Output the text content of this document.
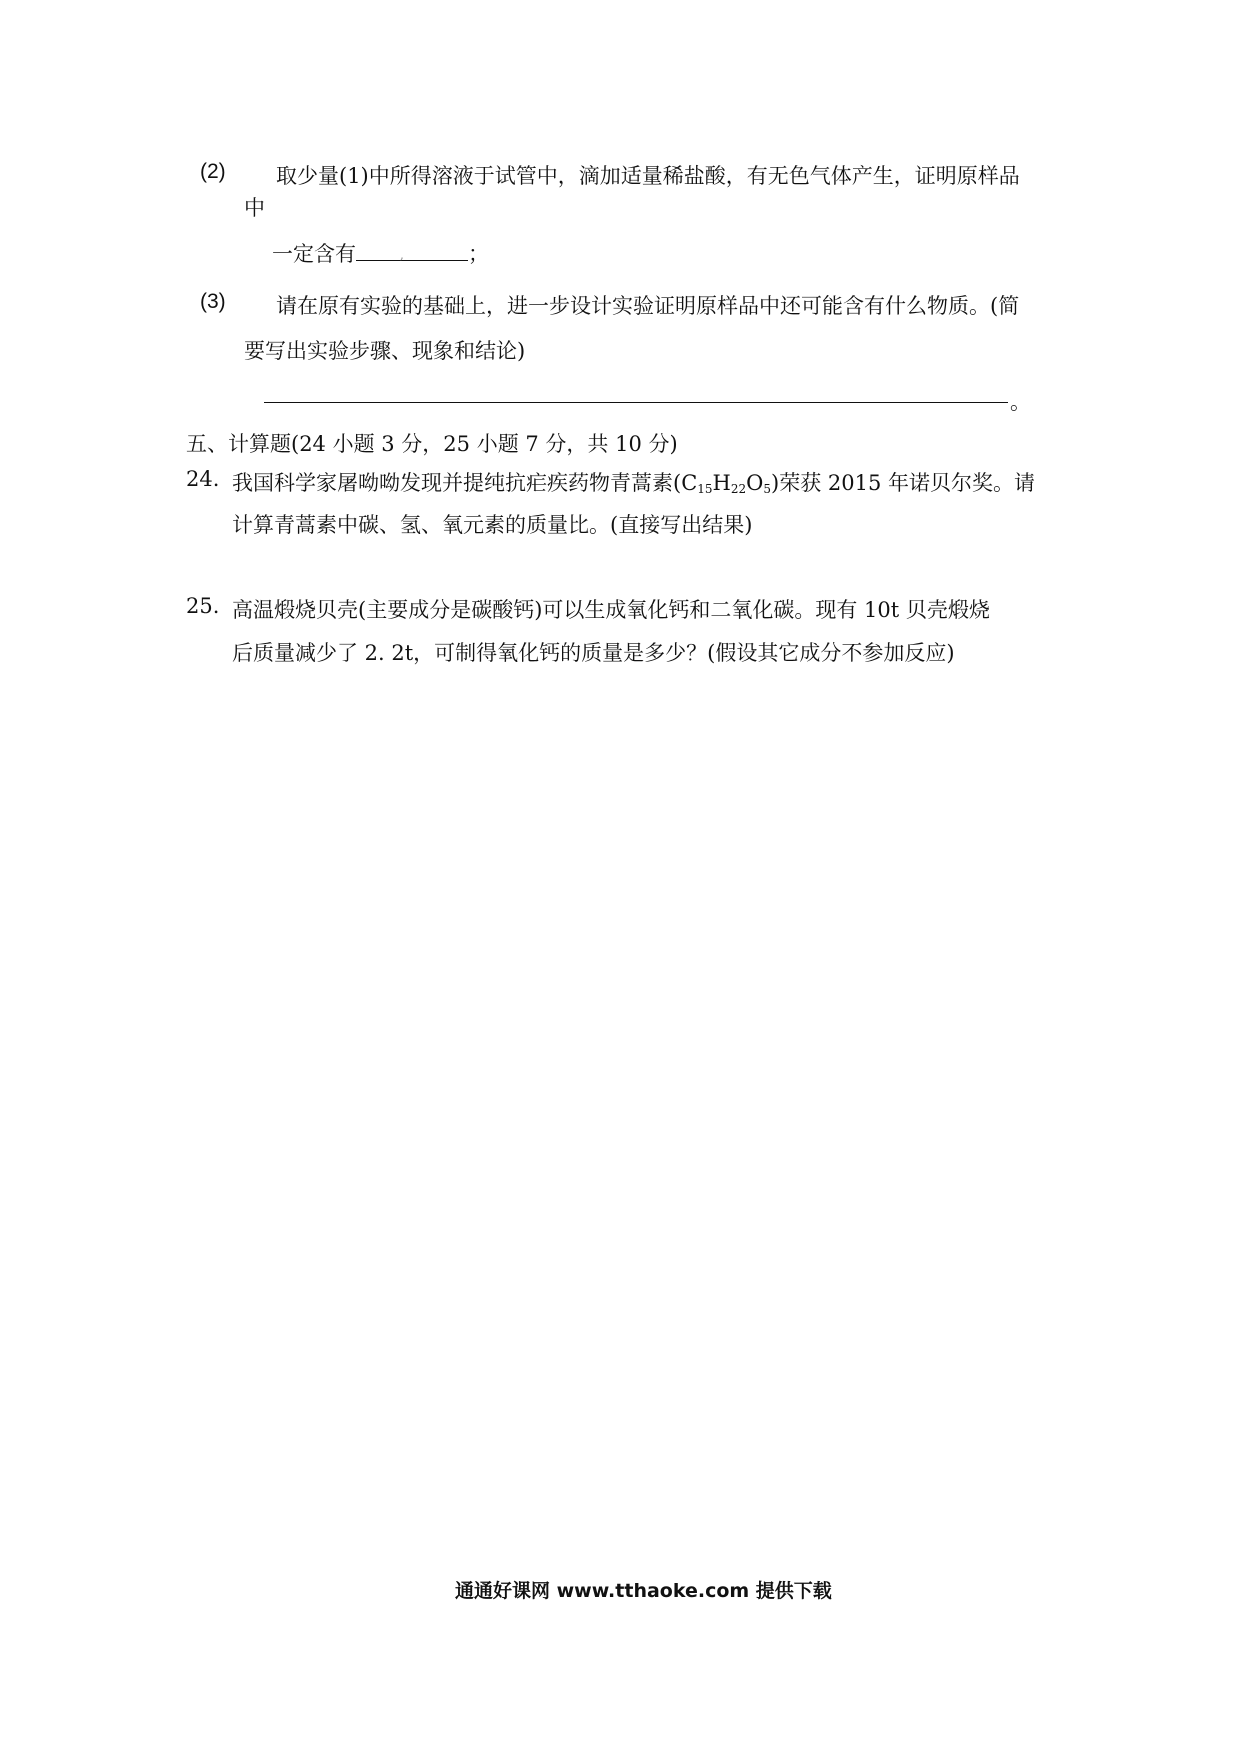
(2) 取少量(1)中所得溶液于试管中，滴加适量稀盐酸，有无色气体产生，证明原样品
中
一定含有	,	；
(3) 请在原有实验的基础上，进一步设计实验证明原样品中还可能含有什么物质。(简
要写出实验步骤、现象和结论)
。
五、计算题(24 小题 3 分，25 小题 7 分，共 10 分)
24. 我国科学家屠呦呦发现并提纯抗疟疾药物青蒿素$(C_{15}H_{22}O_5)$荣获 2015 年诺贝尔奖。请
计算青蒿素中碳、氢、氧元素的质量比。(直接写出结果)
25. 高温煅烧贝壳(主要成分是碳酸钙)可以生成氧化钙和二氧化碳。现有 10t 贝壳煅烧
后质量减少了 2. 2t，可制得氧化钙的质量是多少？(假设其它成分不参加反应)
通通好课网 www.tthaoke.com 提供下载
